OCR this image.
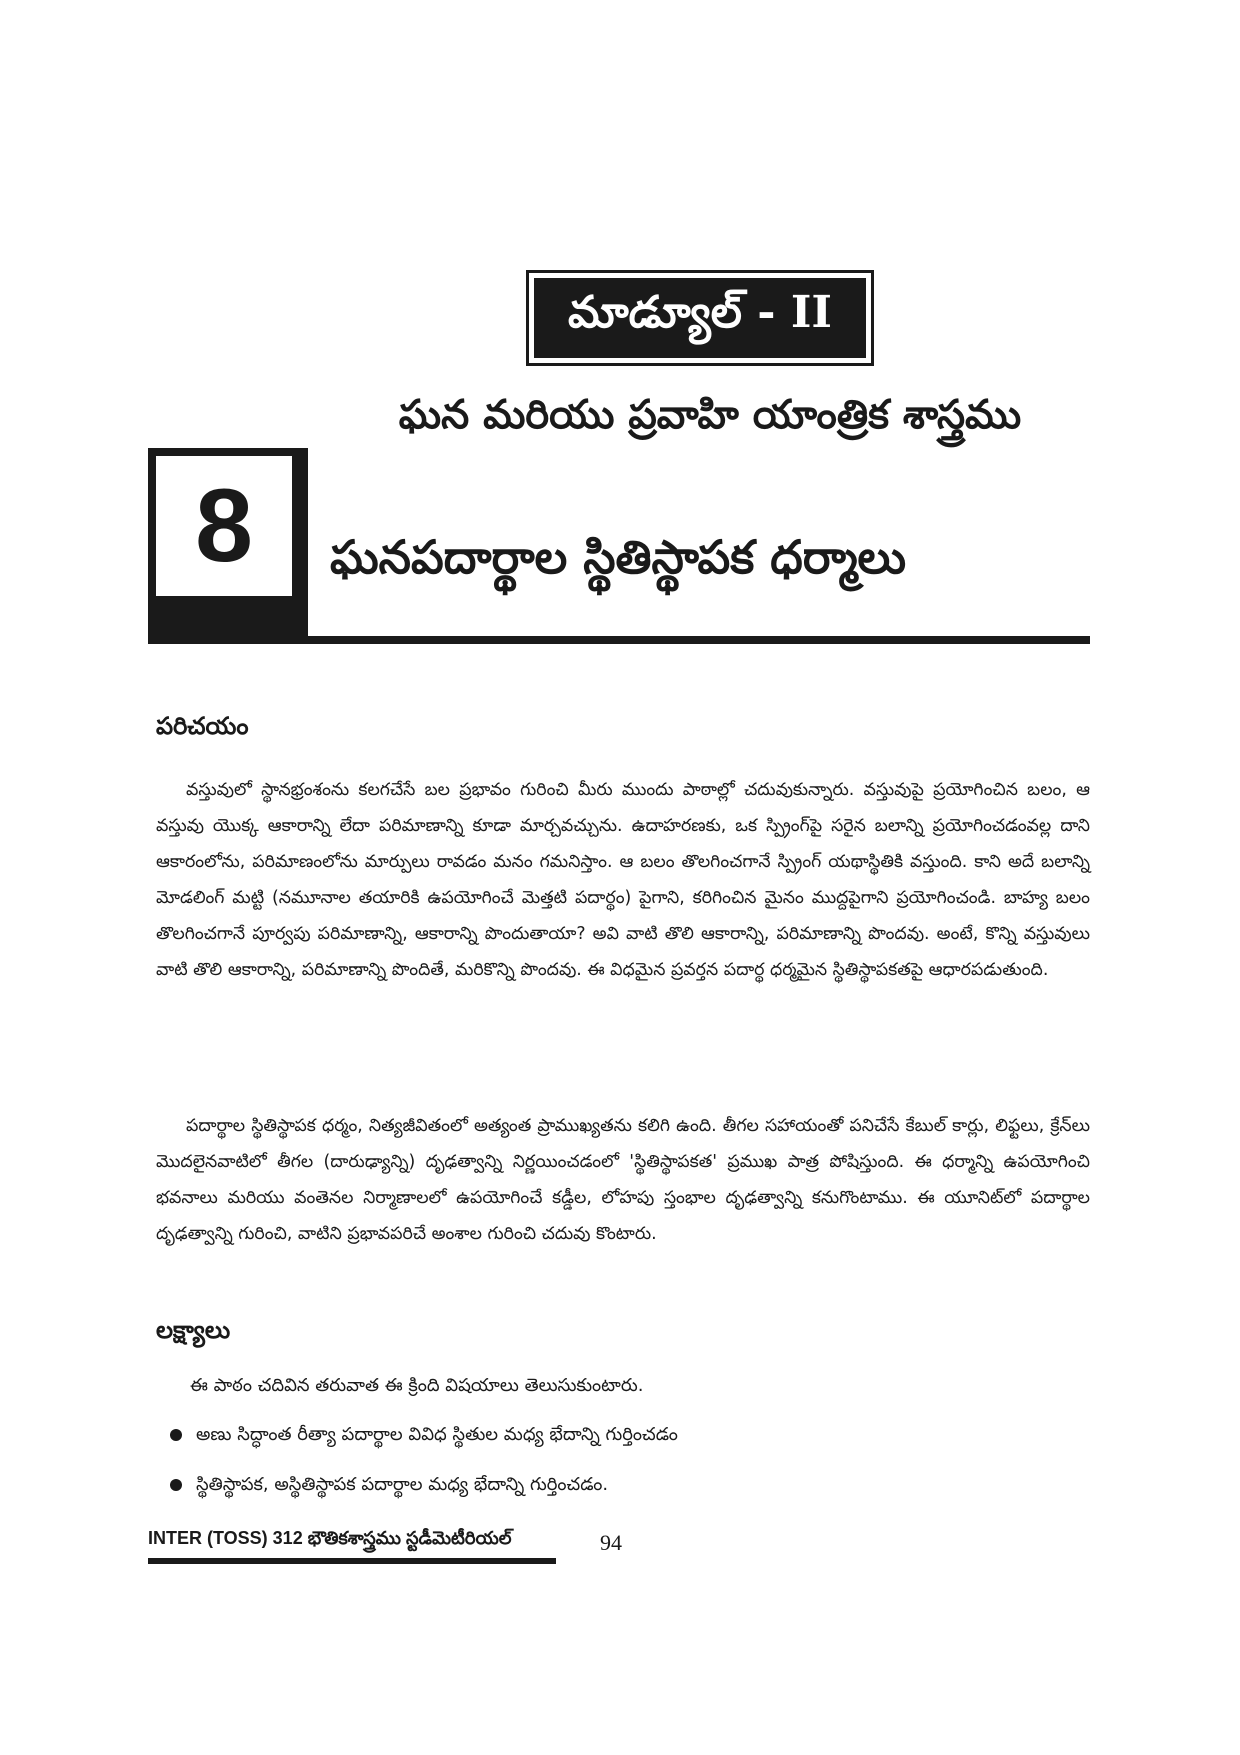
మాడ్యూల్ - II
ఘన మరియు ప్రవాహి యాంత్రిక శాస్త్రము
8	ఘనపదార్థాల స్థితిస్థాపక ధర్మాలు
పరిచయం

వస్తువులో స్థానభ్రంశంను కలగచేసే బల ప్రభావం గురించి మీరు ముందు పాఠాల్లో చదువుకున్నారు. వస్తువుపై ప్రయోగించిన బలం, ఆ వస్తువు యొక్క ఆకారాన్ని లేదా పరిమాణాన్ని కూడా మార్చవచ్చును. ఉదాహరణకు, ఒక స్ప్రింగ్‌పై సరైన బలాన్ని ప్రయోగించడంవల్ల దాని ఆకారంలోను, పరిమాణంలోను మార్పులు రావడం మనం గమనిస్తాం. ఆ బలం తొలగించగానే స్ప్రింగ్ యథాస్థితికి వస్తుంది. కాని అదే బలాన్ని మోడలింగ్ మట్టి (నమూనాల తయారికి ఉపయోగించే మెత్తటి పదార్థం) పైగాని, కరిగించిన మైనం ముద్దపైగాని ప్రయోగించండి. బాహ్య బలం తొలగించగానే పూర్వపు పరిమాణాన్ని, ఆకారాన్ని పొందుతాయా? అవి వాటి తొలి ఆకారాన్ని, పరిమాణాన్ని పొందవు. అంటే, కొన్ని వస్తువులు వాటి తొలి ఆకారాన్ని, పరిమాణాన్ని పొందితే, మరికొన్ని పొందవు. ఈ విధమైన ప్రవర్తన పదార్థ ధర్మమైన స్థితిస్థాపకతపై ఆధారపడుతుంది.

పదార్థాల స్థితిస్థాపక ధర్మం, నిత్యజీవితంలో అత్యంత ప్రాముఖ్యతను కలిగి ఉంది. తీగల సహాయంతో పనిచేసే కేబుల్ కార్లు, లిఫ్టలు, క్రేన్‌లు మొదలైనవాటిలో తీగల (దారుఢ్యాన్ని) దృఢత్వాన్ని నిర్ణయించడంలో 'స్థితిస్థాపకత' ప్రముఖ పాత్ర పోషిస్తుంది. ఈ ధర్మాన్ని ఉపయోగించి భవనాలు మరియు వంతెనల నిర్మాణాలలో ఉపయోగించే కడ్డీల, లోహపు స్తంభాల దృఢత్వాన్ని కనుగొంటాము. ఈ యూనిట్‌లో పదార్థాల దృఢత్వాన్ని గురించి, వాటిని ప్రభావపరిచే అంశాల గురించి చదువు కొంటారు.

లక్ష్యాలు
ఈ పాఠం చదివిన తరువాత ఈ క్రింది విషయాలు తెలుసుకుంటారు.
అణు సిద్ధాంత రీత్యా పదార్థాల వివిధ స్థితుల మధ్య భేదాన్ని గుర్తించడం
స్థితిస్థాపక, అస్థితిస్థాపక పదార్థాల మధ్య భేదాన్ని గుర్తించడం.
INTER (TOSS) 312 భౌతికశాస్త్రము స్టడీమెటీరియల్	94
